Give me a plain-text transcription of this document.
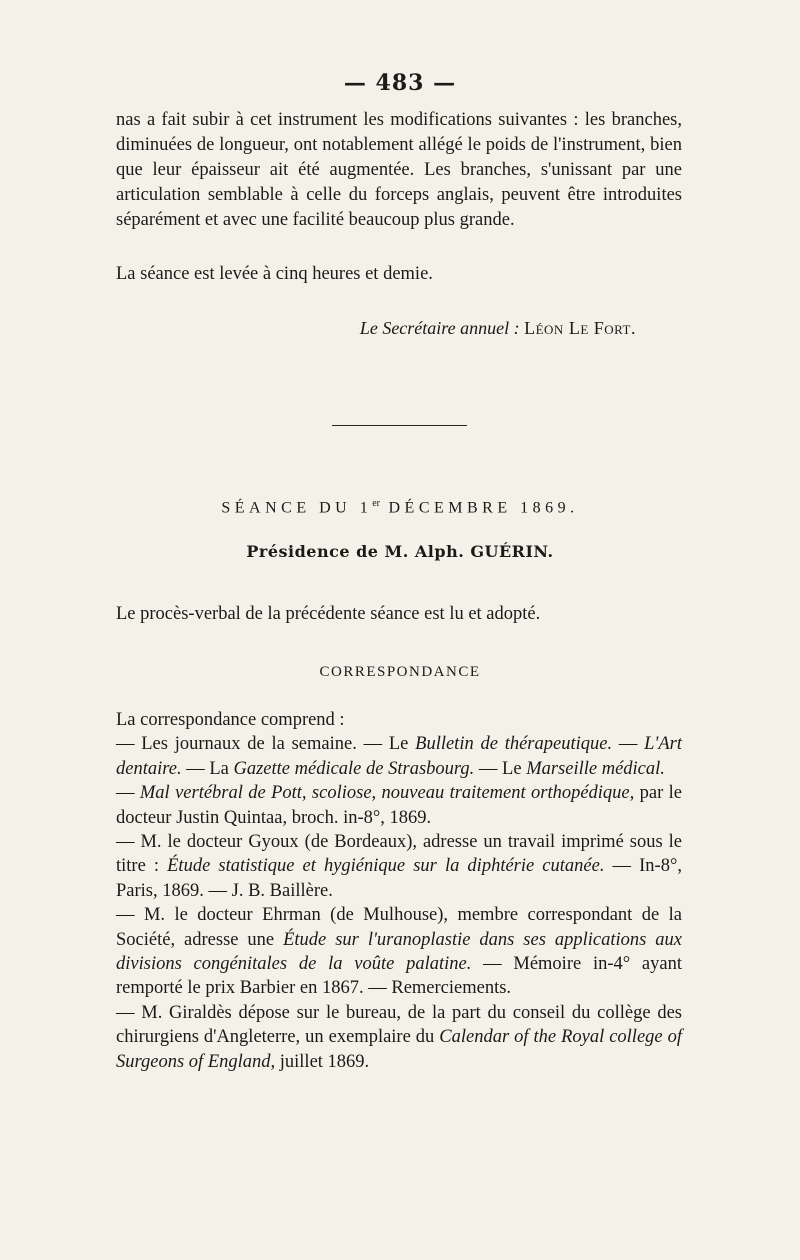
— 483 —

nas a fait subir à cet instrument les modifications suivantes : les branches, diminuées de longueur, ont notablement allégé le poids de l'instrument, bien que leur épaisseur ait été augmentée. Les branches, s'unissant par une articulation semblable à celle du forceps anglais, peuvent être introduites séparément et avec une facilité beaucoup plus grande.

La séance est levée à cinq heures et demie.
Le Secrétaire annuel : Léon Le Fort.
SÉANCE DU 1er DÉCEMBRE 1869.
Présidence de M. Alph. GUÉRIN.
Le procès-verbal de la précédente séance est lu et adopté.
CORRESPONDANCE

La correspondance comprend :

— Les journaux de la semaine. — Le Bulletin de thérapeutique. — L'Art dentaire. — La Gazette médicale de Strasbourg. — Le Marseille médical.

— Mal vertébral de Pott, scoliose, nouveau traitement orthopédique, par le docteur Justin Quintaa, broch. in-8°, 1869.

— M. le docteur Gyoux (de Bordeaux), adresse un travail imprimé sous le titre : Étude statistique et hygiénique sur la diphtérie cutanée. — In-8°, Paris, 1869. — J. B. Baillère.

— M. le docteur Ehrman (de Mulhouse), membre correspondant de la Société, adresse une Étude sur l'uranoplastie dans ses applications aux divisions congénitales de la voûte palatine. — Mémoire in-4° ayant remporté le prix Barbier en 1867. — Remerciements.

— M. Giraldès dépose sur le bureau, de la part du conseil du collège des chirurgiens d'Angleterre, un exemplaire du Calendar of the Royal college of Surgeons of England, juillet 1869.
